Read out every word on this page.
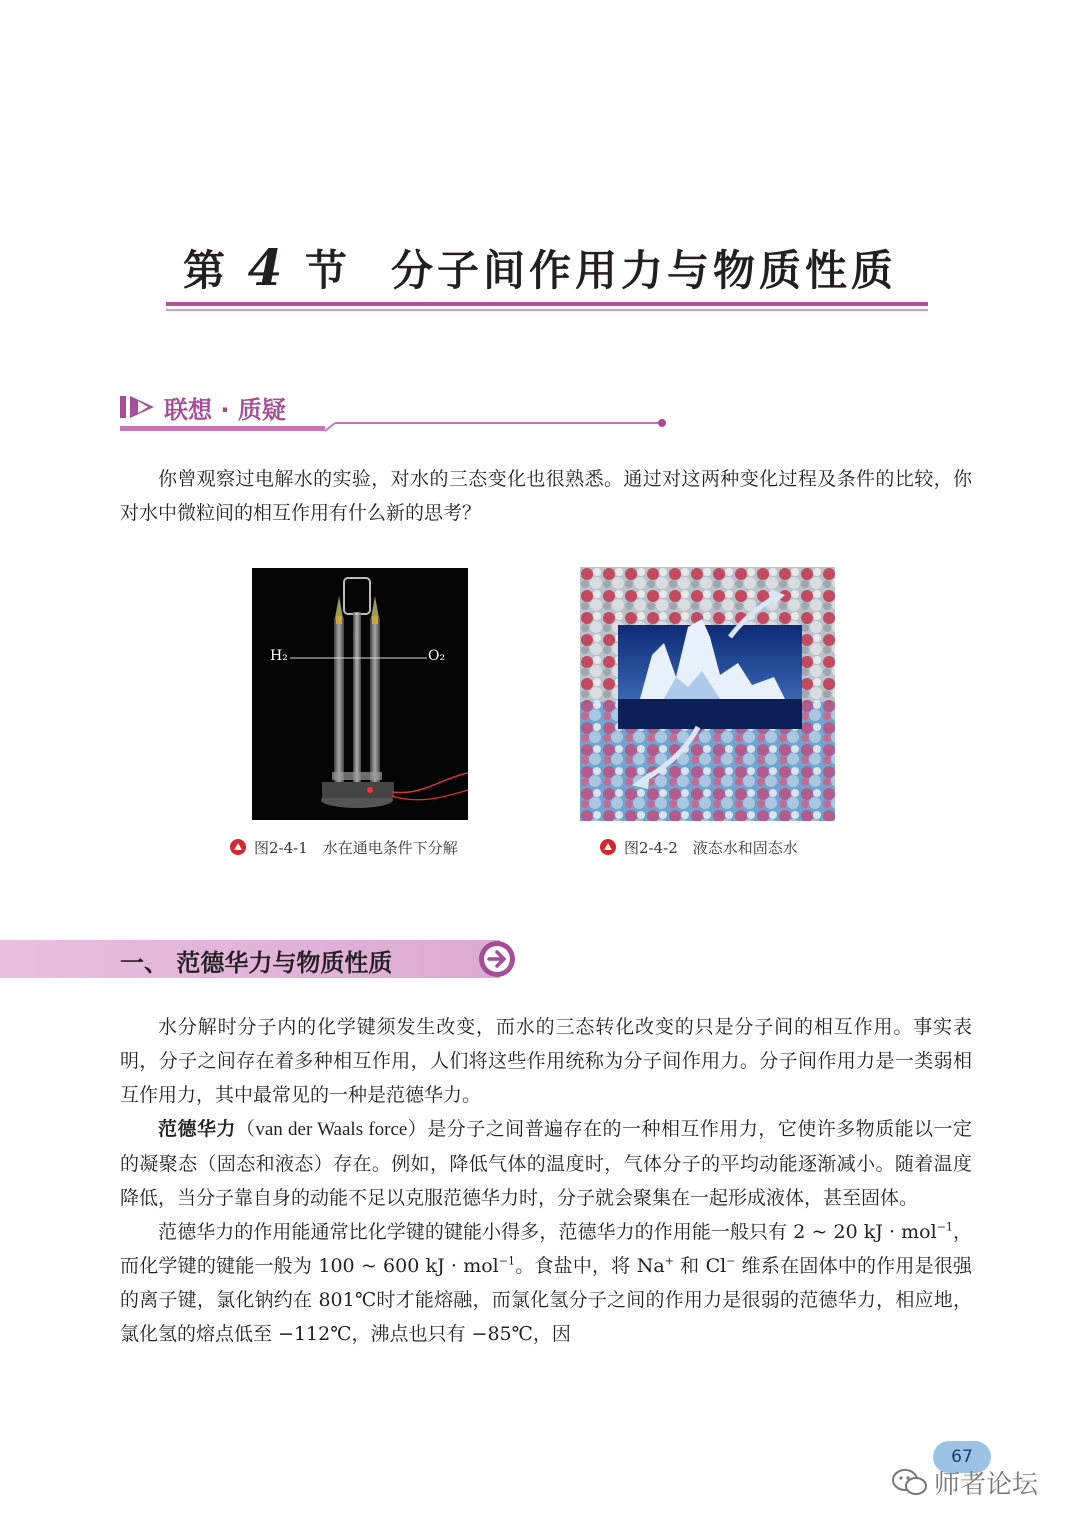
第 4 节 分子间作用力与物质性质
联想 · 质疑

你曾观察过电解水的实验，对水的三态变化也很熟悉。通过对这两种变化过程及条件的比较，你对水中微粒间的相互作用有什么新的思考？

H₂	O₂
图2-4-1　水在通电条件下分解	图2-4-2　液态水和固态水
一、 范德华力与物质性质

水分解时分子内的化学键须发生改变，而水的三态转化改变的只是分子间的相互作用。事实表明，分子之间存在着多种相互作用，人们将这些作用统称为分子间作用力。分子间作用力是一类弱相互作用力，其中最常见的一种是范德华力。

范德华力（van der Waals force）是分子之间普遍存在的一种相互作用力，它使许多物质能以一定的凝聚态（固态和液态）存在。例如，降低气体的温度时，气体分子的平均动能逐渐减小。随着温度降低，当分子靠自身的动能不足以克服范德华力时，分子就会聚集在一起形成液体，甚至固体。

范德华力的作用能通常比化学键的键能小得多，范德华力的作用能一般只有 2 ~ 20 kJ · mol$^{-1}$，而化学键的键能一般为 100 ~ 600 kJ · mol$^{-1}$。食盐中，将 Na+ 和 Cl− 维系在固体中的作用是很强的离子键，氯化钠约在 801℃时才能熔融，而氯化氢分子之间的作用力是很弱的范德华力，相应地，氯化氢的熔点低至 −112℃，沸点也只有 −85℃，因

67
师者论坛
